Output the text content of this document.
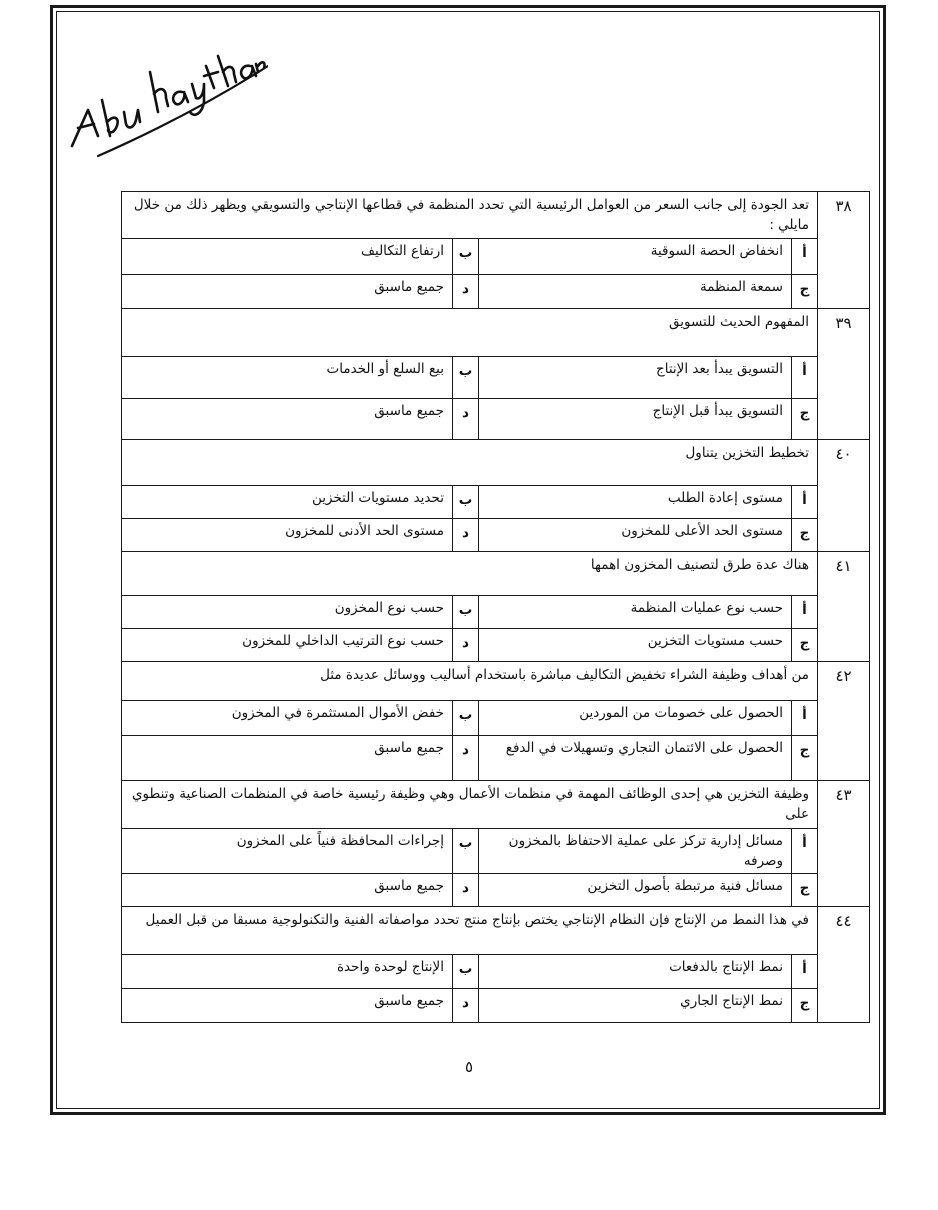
٣٨	تعد الجودة إلى جانب السعر من العوامل الرئيسية التي تحدد المنظمة في قطاعها الإنتاجي والتسويقي ويظهر ذلك من خلال مايلي :			
	أ	انخفاض الحصة السوقية	ب	ارتفاع التكاليف
	ج	سمعة المنظمة	د	جميع ماسبق
٣٩	المفهوم الحديث للتسويق			
	أ	التسويق يبدأ بعد الإنتاج	ب	بيع السلع أو الخدمات
	ج	التسويق يبدأ قبل الإنتاج	د	جميع ماسبق
٤٠	تخطيط التخزين يتناول			
	أ	مستوى إعادة الطلب	ب	تحديد مستويات التخزين
	ج	مستوى الحد الأعلى للمخزون	د	مستوى الحد الأدنى للمخزون
٤١	هناك عدة طرق لتصنيف المخزون اهمها			
	أ	حسب نوع عمليات المنظمة	ب	حسب نوع المخزون
	ج	حسب مستويات التخزين	د	حسب نوع الترتيب الداخلي للمخزون
٤٢	من أهداف وظيفة الشراء تخفيض التكاليف مباشرة باستخدام أساليب ووسائل عديدة مثل			
	أ	الحصول على خصومات من الموردين	ب	خفض الأموال المستثمرة في المخزون
	ج	الحصول على الائتمان التجاري وتسهيلات في الدفع	د	جميع ماسبق
٤٣	وظيفة التخزين هي إحدى الوظائف المهمة في منظمات الأعمال وهي وظيفة رئيسية خاصة في المنظمات الصناعية وتنطوي على			
	أ	مسائل إدارية تركز على عملية الاحتفاظ بالمخزون وصرفه	ب	إجراءات المحافظة فنياً على المخزون
	ج	مسائل فنية مرتبطة بأصول التخزين	د	جميع ماسبق
٤٤	في هذا النمط من الإنتاج فإن النظام الإنتاجي يختص بإنتاج منتج تحدد مواصفاته الفنية والتكنولوجية مسبقا من قبل العميل			
	أ	نمط الإنتاج بالدفعات	ب	الإنتاج لوحدة واحدة
	ج	نمط الإنتاج الجاري	د	جميع ماسبق
٥
